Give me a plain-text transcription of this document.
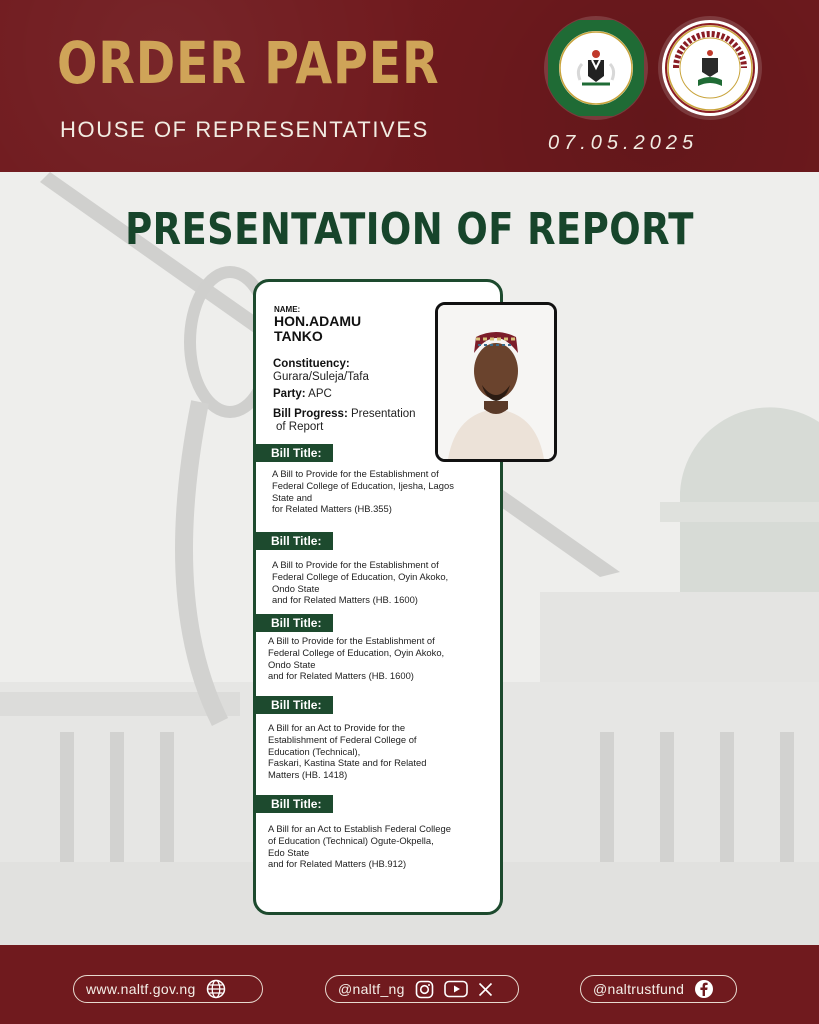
ORDER PAPER
HOUSE OF REPRESENTATIVES
07.05.2025
PRESENTATION OF REPORT
NAME:
HON.ADAMU
TANKO
Constituency:
Gurara/Suleja/Tafa
Party: APC
Bill Progress: Presentation
of Report
Bill Title:
A Bill to Provide for the Establishment of
Federal College of Education, Ijesha, Lagos
State and
for Related Matters (HB.355)
Bill Title:
A Bill to Provide for the Establishment of
Federal College of Education, Oyin Akoko,
Ondo State
and for Related Matters (HB. 1600)
Bill Title:
A Bill to Provide for the Establishment of
Federal College of Education, Oyin Akoko,
Ondo State
and for Related Matters (HB. 1600)
Bill Title:
A Bill for an Act to Provide for the
Establishment of Federal College of
Education (Technical),
Faskari, Kastina State and for Related
Matters (HB. 1418)
Bill Title:
A Bill for an Act to Establish Federal College
of Education (Technical) Ogute-Okpella,
Edo State
and for Related Matters (HB.912)
www.naltf.gov.ng	@naltf_ng	@naltrustfund
